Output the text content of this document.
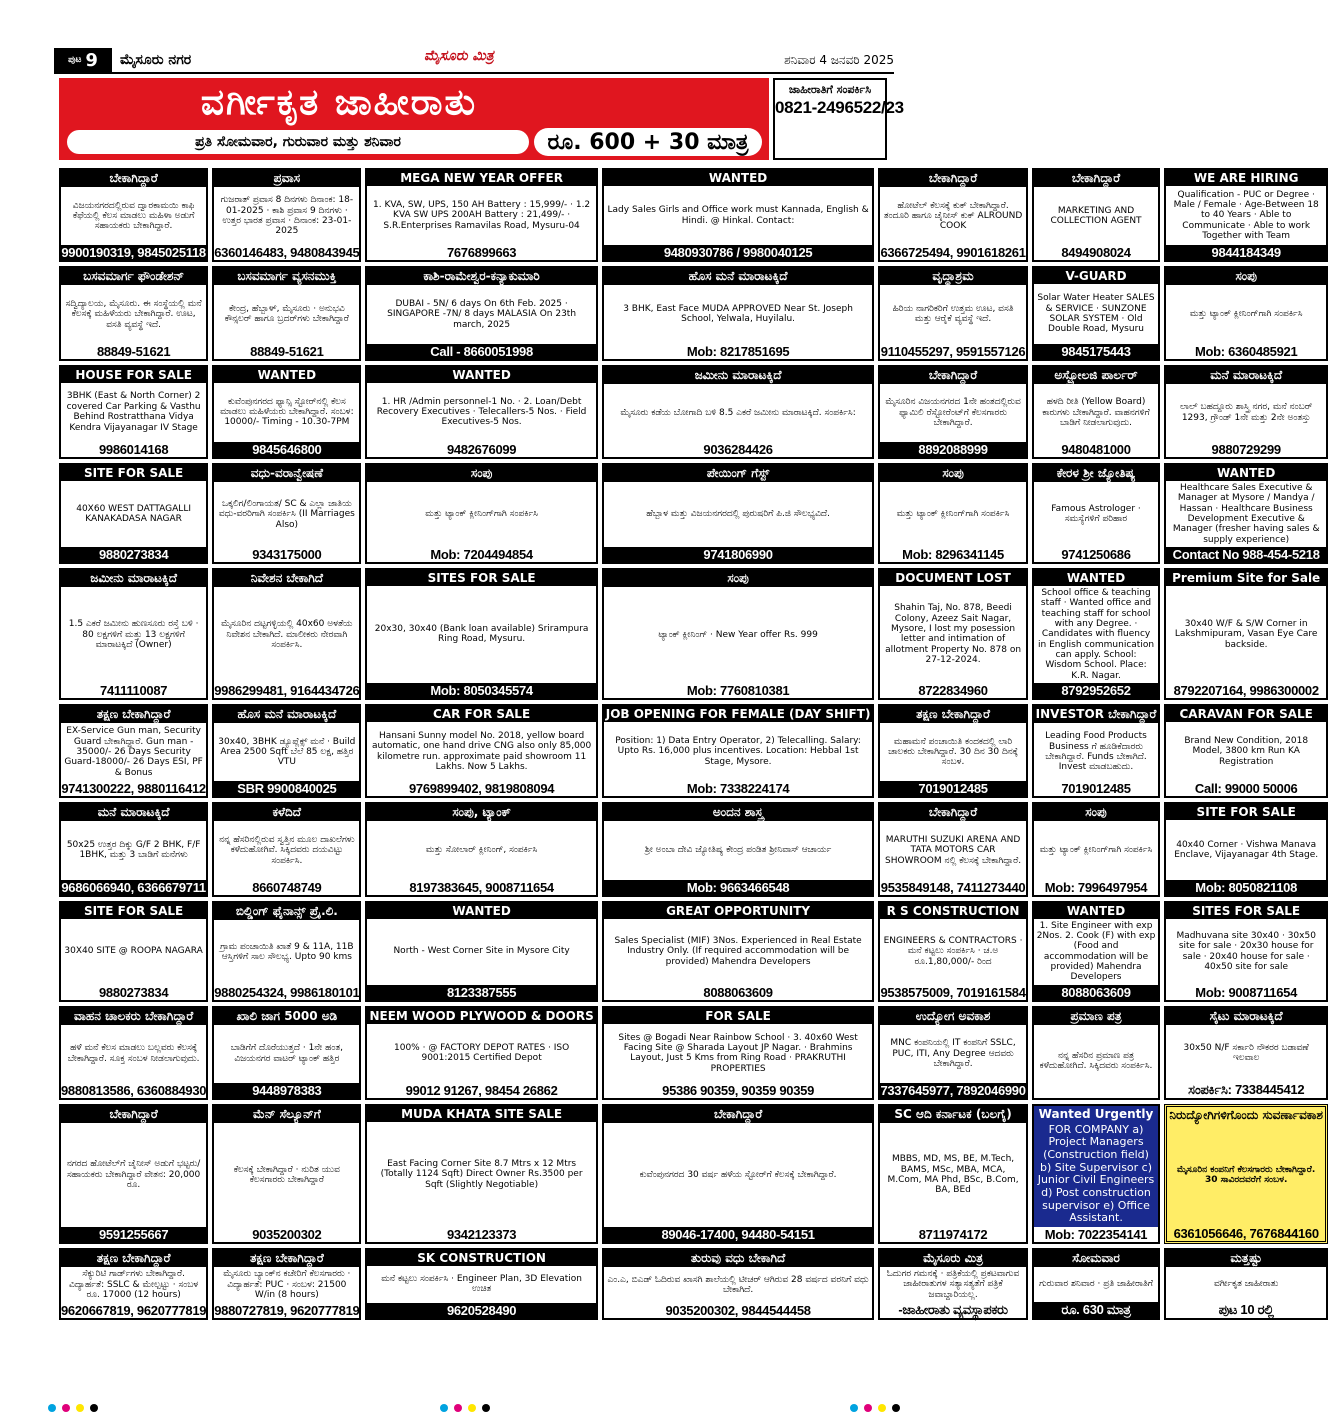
ಪುಟ 9 ಮೈಸೂರು ನಗರ	ಮೈಸೂರು ಮಿತ್ರ	ಶನಿವಾರ 4 ಜನವರಿ 2025
ವರ್ಗೀಕೃತ ಜಾಹೀರಾತು
ಪ್ರತಿ ಸೋಮವಾರ, ಗುರುವಾರ ಮತ್ತು ಶನಿವಾರ	ರೂ. 600 + 30 ಮಾತ್ರ
ಜಾಹೀರಾತಿಗೆ ಸಂಪರ್ಕಿಸಿ
0821-2496522/23
ಬೇಕಾಗಿದ್ದಾರೆ
ವಿಜಯನಗರದಲ್ಲಿರುವ ದ್ವಾರಕಾಮಯಿ ಕಾಫಿ ಕೆಫೆಯಲ್ಲಿ ಕೆಲಸ ಮಾಡಲು ಮಹಿಳಾ ಅಡುಗೆ ಸಹಾಯಕರು ಬೇಕಾಗಿದ್ದಾರೆ.
9900190319, 9845025118
ಪ್ರವಾಸ
ಗುಜರಾತ್ ಪ್ರವಾಸ 8 ದಿನಗಳು ದಿನಾಂಕ: 18-01-2025 · ಕಾಶಿ ಪ್ರವಾಸ 9 ದಿನಗಳು · ಉತ್ತರ ಭಾರತ ಪ್ರವಾಸ · ದಿನಾಂಕ: 23-01-2025
6360146483, 9480843945
MEGA NEW YEAR OFFER
1. KVA, SW, UPS, 150 AH Battery : 15,999/- · 1.2 KVA SW UPS 200AH Battery : 21,499/- · S.R.Enterprises Ramavilas Road, Mysuru-04
7676899663
WANTED
Lady Sales Girls and Office work must Kannada, English & Hindi. @ Hinkal. Contact:
9480930786 / 9980040125
ಬೇಕಾಗಿದ್ದಾರೆ
ಹೋಟೆಲ್ ಕೆಲಸಕ್ಕೆ ಕುಕ್ ಬೇಕಾಗಿದ್ದಾರೆ. ತಂದೂರಿ ಹಾಗೂ ಚೈನೀಸ್ ಕುಕ್ ALROUND COOK
6366725494, 9901618261
ಬೇಕಾಗಿದ್ದಾರೆ
MARKETING AND COLLECTION AGENT
8494908024
WE ARE HIRING
Qualification - PUC or Degree · Male / Female · Age-Between 18 to 40 Years · Able to Communicate · Able to work Together with Team
9844184349
ಬಸವಮಾರ್ಗ ಫೌಂಡೇಶನ್
ಸದ್ವಿದ್ಯಾಲಯ, ಮೈಸೂರು. ಈ ಸಂಸ್ಥೆಯಲ್ಲಿ ಮನೆ ಕೆಲಸಕ್ಕೆ ಮಹಿಳೆಯರು ಬೇಕಾಗಿದ್ದಾರೆ. ಊಟ, ವಸತಿ ವ್ಯವಸ್ಥೆ ಇದೆ.
88849-51621
ಬಸವಮಾರ್ಗ ವ್ಯಸನಮುಕ್ತಿ
ಕೇಂದ್ರ, ಹೆಬ್ಬಾಳ್, ಮೈಸೂರು · ಅನುಭವಿ ಕೌನ್ಸಲರ್ ಹಾಗೂ ಬ್ರದರ್‌ಗಳು ಬೇಕಾಗಿದ್ದಾರೆ
88849-51621
ಕಾಶಿ-ರಾಮೇಶ್ವರ-ಕನ್ಯಾಕುಮಾರಿ
DUBAI - 5N/ 6 days On 6th Feb. 2025 · SINGAPORE -7N/ 8 days MALASIA On 23th march, 2025
Call - 8660051998
ಹೊಸ ಮನೆ ಮಾರಾಟಕ್ಕಿದೆ
3 BHK, East Face MUDA APPROVED Near St. Joseph School, Yelwala, Huyilalu.
Mob: 8217851695
ವೃದ್ಧಾಶ್ರಮ
ಹಿರಿಯ ನಾಗರಿಕರಿಗೆ ಉತ್ತಮ ಊಟ, ವಸತಿ ಮತ್ತು ಆರೈಕೆ ವ್ಯವಸ್ಥೆ ಇದೆ.
9110455297, 9591557126
V-GUARD
Solar Water Heater SALES & SERVICE · SUNZONE SOLAR SYSTEM · Old Double Road, Mysuru
9845175443
ಸಂಪು
ಮತ್ತು ಟ್ಯಾಂಕ್ ಕ್ಲೀನಿಂಗ್‌ಗಾಗಿ ಸಂಪರ್ಕಿಸಿ
Mob: 6360485921
HOUSE FOR SALE
3BHK (East & North Corner) 2 covered Car Parking & Vasthu Behind Rostratthana Vidya Kendra Vijayanagar IV Stage
9986014168
WANTED
ಕುವೆಂಪುನಗರದ ಫ್ಯಾನ್ಸಿ ಸ್ಟೋರ್‌ನಲ್ಲಿ ಕೆಲಸ ಮಾಡಲು ಮಹಿಳೆಯರು ಬೇಕಾಗಿದ್ದಾರೆ. ಸಂಬಳ: 10000/- Timing - 10.30-7PM
9845646800
WANTED
1. HR /Admin personnel-1 No. · 2. Loan/Debt Recovery Executives · Telecallers-5 Nos. · Field Executives-5 Nos.
9482676099
ಜಮೀನು ಮಾರಾಟಕ್ಕಿದೆ
ಮೈಸೂರು ಕಡೆಯ ಬೋಗಾದಿ ಬಳಿ 8.5 ಎಕರೆ ಜಮೀನು ಮಾರಾಟಕ್ಕಿದೆ. ಸಂಪರ್ಕಿಸಿ:
9036284426
ಬೇಕಾಗಿದ್ದಾರೆ
ಮೈಸೂರಿನ ವಿಜಯನಗರದ 1ನೇ ಹಂತದಲ್ಲಿರುವ ಫ್ಯಾಮಿಲಿ ರೆಸ್ಟೋರೆಂಟ್‌ಗೆ ಕೆಲಸಗಾರರು ಬೇಕಾಗಿದ್ದಾರೆ.
8892088999
ಅಸ್ಟ್ರೋಲಜಿ ಪಾರ್ಲರ್
ಹಳದಿ ರೀತಿ (Yellow Board) ಕಾರುಗಳು ಬೇಕಾಗಿದ್ದಾರೆ. ವಾಹನಗಳಿಗೆ ಬಾಡಿಗೆ ನೀಡಲಾಗುವುದು.
9480481000
ಮನೆ ಮಾರಾಟಕ್ಕಿದೆ
ಲಾಲ್ ಬಹದ್ದೂರು ಶಾಸ್ತ್ರಿ ನಗರ, ಮನೆ ನಂಬರ್ 1293, ಗ್ರೌಂಡ್ 1ನೇ ಮತ್ತು 2ನೇ ಅಂತಸ್ತು
9880729299
SITE FOR SALE
40X60 WEST DATTAGALLI KANAKADASA NAGAR
9880273834
ವಧು-ವರಾನ್ವೇಷಣೆ
ಒಕ್ಕಲಿಗ/ಲಿಂಗಾಯತ/ SC & ಎಲ್ಲಾ ಜಾತಿಯ ವಧು-ವರರಿಗಾಗಿ ಸಂಪರ್ಕಿಸಿ (II Marriages Also)
9343175000
ಸಂಪು
ಮತ್ತು ಟ್ಯಾಂಕ್ ಕ್ಲೀನಿಂಗ್‌ಗಾಗಿ ಸಂಪರ್ಕಿಸಿ
Mob: 7204494854
ಪೇಯಿಂಗ್ ಗೆಸ್ಟ್
ಹೆಬ್ಬಾಳ ಮತ್ತು ವಿಜಯನಗರದಲ್ಲಿ ಪುರುಷರಿಗೆ ಪಿ.ಜಿ ಸೌಲಭ್ಯವಿದೆ.
9741806990
ಸಂಪು
ಮತ್ತು ಟ್ಯಾಂಕ್ ಕ್ಲೀನಿಂಗ್‌ಗಾಗಿ ಸಂಪರ್ಕಿಸಿ
Mob: 8296341145
ಕೇರಳ ಶ್ರೀ ಜ್ಯೋತಿಷ್ಯ
Famous Astrologer · ಸಮಸ್ಯೆಗಳಿಗೆ ಪರಿಹಾರ
9741250686
WANTED
Healthcare Sales Executive & Manager at Mysore / Mandya / Hassan · Healthcare Business Development Executive & Manager (fresher having sales & supply experience)
Contact No 988-454-5218
ಜಮೀನು ಮಾರಾಟಕ್ಕಿದೆ
1.5 ಎಕರೆ ಜಮೀನು ಹುಣಸೂರು ರಸ್ತೆ ಬಳಿ · 80 ಲಕ್ಷಗಳಿಗೆ ಮತ್ತು 13 ಲಕ್ಷಗಳಿಗೆ ಮಾರಾಟಕ್ಕಿದೆ (Owner)
7411110087
ನಿವೇಶನ ಬೇಕಾಗಿದೆ
ಮೈಸೂರಿನ ದಟ್ಟಗಳ್ಳಿಯಲ್ಲಿ 40x60 ಅಳತೆಯ ನಿವೇಶನ ಬೇಕಾಗಿದೆ. ಮಾಲೀಕರು ನೇರವಾಗಿ ಸಂಪರ್ಕಿಸಿ.
9986299481, 9164434726
SITES FOR SALE
20x30, 30x40 (Bank loan available) Srirampura Ring Road, Mysuru.
Mob: 8050345574
ಸಂಪು
ಟ್ಯಾಂಕ್ ಕ್ಲೀನಿಂಗ್ · New Year offer Rs. 999
Mob: 7760810381
DOCUMENT LOST
Shahin Taj, No. 878, Beedi Colony, Azeez Sait Nagar, Mysore, I lost my posession letter and intimation of allotment Property No. 878 on 27-12-2024.
8722834960
WANTED
School office & teaching staff · Wanted office and teaching staff for school with any Degree. · Candidates with fluency in English communication can apply. School: Wisdom School. Place: K.R. Nagar.
8792952652
Premium Site for Sale
30x40 W/F & S/W Corner in Lakshmipuram, Vasan Eye Care backside.
8792207164, 9986300002
ತಕ್ಷಣ ಬೇಕಾಗಿದ್ದಾರೆ
EX-Service Gun man, Security Guard ಬೇಕಾಗಿದ್ದಾರೆ. Gun man - 35000/- 26 Days Security Guard-18000/- 26 Days ESI, PF & Bonus
9741300222, 9880116412
ಹೊಸ ಮನೆ ಮಾರಾಟಕ್ಕಿದೆ
30x40, 3BHK ಡ್ಯೂಪ್ಲೆಕ್ಸ್ ಮನೆ · Build Area 2500 Sqft ಬೆಲೆ 85 ಲಕ್ಷ, ಹತ್ತಿರ VTU
SBR 9900840025
CAR FOR SALE
Hansani Sunny model No. 2018, yellow board automatic, one hand drive CNG also only 85,000 kilometre run. approximate paid showroom 11 Lakhs. Now 5 Lakhs.
9769899402, 9819808094
JOB OPENING FOR FEMALE (DAY SHIFT)
Position: 1) Data Entry Operator, 2) Telecalling. Salary: Upto Rs. 16,000 plus incentives. Location: Hebbal 1st Stage, Mysore.
Mob: 7338224174
ತಕ್ಷಣ ಬೇಕಾಗಿದ್ದಾರೆ
ಮಹಾಮನೆ ಪಂಚಾಯಿತಿ ಕಂದಕದಲ್ಲಿ ಲಾರಿ ಚಾಲಕರು ಬೇಕಾಗಿದ್ದಾರೆ. 30 ದಿನ 30 ದಿನಕ್ಕೆ ಸಂಬಳ.
7019012485
INVESTOR ಬೇಕಾಗಿದ್ದಾರೆ
Leading Food Products Business ಗೆ ಹೂಡಿಕೆದಾರರು ಬೇಕಾಗಿದ್ದಾರೆ. Funds ಬೇಕಾಗಿದೆ. Invest ಮಾಡಬಹುದು.
7019012485
CARAVAN FOR SALE
Brand New Condition, 2018 Model, 3800 km Run KA Registration
Call: 99000 50006
ಮನೆ ಮಾರಾಟಕ್ಕಿದೆ
50x25 ಉತ್ತರ ದಿಕ್ಕು G/F 2 BHK, F/F 1BHK, ಮತ್ತು 3 ಬಾಡಿಗೆ ಮನೆಗಳು
9686066940, 6366679711
ಕಳೆದಿದೆ
ನನ್ನ ಹೆಸರಿನಲ್ಲಿರುವ ಸ್ವತ್ತಿನ ಮೂಲ ದಾಖಲೆಗಳು ಕಳೆದುಹೋಗಿವೆ. ಸಿಕ್ಕಿದವರು ದಯವಿಟ್ಟು ಸಂಪರ್ಕಿಸಿ.
8660748749
ಸಂಪು, ಟ್ಯಾಂಕ್
ಮತ್ತು ಸೋಲಾರ್ ಕ್ಲೀನಿಂಗ್, ಸಂಪರ್ಕಿಸಿ
8197383645, 9008711654
ಅಂದನ ಶಾಸ್ತ್ರ
ಶ್ರೀ ಅಂಬಾ ದೇವಿ ಜ್ಯೋತಿಷ್ಯ ಕೇಂದ್ರ ಪಂಡಿತ ಶ್ರೀನಿವಾಸ್ ಆಚಾರ್ಯ
Mob: 9663466548
ಬೇಕಾಗಿದ್ದಾರೆ
MARUTHI SUZUKI ARENA AND TATA MOTORS CAR SHOWROOM ನಲ್ಲಿ ಕೆಲಸಕ್ಕೆ ಬೇಕಾಗಿದ್ದಾರೆ.
9535849148, 7411273440
ಸಂಪು
ಮತ್ತು ಟ್ಯಾಂಕ್ ಕ್ಲೀನಿಂಗ್‌ಗಾಗಿ ಸಂಪರ್ಕಿಸಿ
Mob: 7996497954
SITE FOR SALE
40x40 Corner · Vishwa Manava Enclave, Vijayanagar 4th Stage.
Mob: 8050821108
SITE FOR SALE
30X40 SITE @ ROOPA NAGARA
9880273834
ಬಿಲ್ಡಿಂಗ್ ಫೈನಾನ್ಸ್ ಪ್ರೈ.ಲಿ.
ಗ್ರಾಮ ಪಂಚಾಯಿತಿ ಖಾತೆ 9 & 11A, 11B ಆಸ್ತಿಗಳಿಗೆ ಸಾಲ ಸೌಲಭ್ಯ. Upto 90 kms
9880254324, 9986180101
WANTED
North - West Corner Site in Mysore City
8123387555
GREAT OPPORTUNITY
Sales Specialist (MIF) 3Nos. Experienced in Real Estate Industry Only. (If required accommodation will be provided) Mahendra Developers
8088063609
R S CONSTRUCTION
ENGINEERS & CONTRACTORS · ಮನೆ ಕಟ್ಟಲು ಸಂಪರ್ಕಿಸಿ · ಚ.ಅ ರೂ.1,80,000/- ರಿಂದ
9538575009, 7019161584
WANTED
1. Site Engineer with exp 2Nos. 2. Cook (F) with exp (Food and accommodation will be provided) Mahendra Developers
8088063609
SITES FOR SALE
Madhuvana site 30x40 · 30x50 site for sale · 20x30 house for sale · 20x40 house for sale · 40x50 site for sale
Mob: 9008711654
ವಾಹನ ಚಾಲಕರು ಬೇಕಾಗಿದ್ದಾರೆ
ಹಳೆ ಮನೆ ಕೆಲಸ ಮಾಡಲು ಬಲ್ಲವರು ಕೆಲಸಕ್ಕೆ ಬೇಕಾಗಿದ್ದಾರೆ. ಸೂಕ್ತ ಸಂಬಳ ನೀಡಲಾಗುವುದು.
9880813586, 6360884930
ಖಾಲಿ ಜಾಗ 5000 ಅಡಿ
ಬಾಡಿಗೆಗೆ ದೊರೆಯುತ್ತದೆ · 1ನೇ ಹಂತ, ವಿಜಯನಗರ ವಾಟರ್ ಟ್ಯಾಂಕ್ ಹತ್ತಿರ
9448978383
NEEM WOOD PLYWOOD & DOORS
100% · @ FACTORY DEPOT RATES · ISO 9001:2015 Certified Depot
99012 91267, 98454 26862
FOR SALE
Sites @ Bogadi Near Rainbow School · 3. 40x60 West Facing Site @ Sharada Layout JP Nagar. · Brahmins Layout, Just 5 Kms from Ring Road · PRAKRUTHI PROPERTIES
95386 90359, 90359 90359
ಉದ್ಯೋಗ ಅವಕಾಶ
MNC ಕಂಪನಿಯಲ್ಲಿ IT ಕಂಪನಿಗೆ SSLC, PUC, ITI, Any Degree ಆದವರು ಬೇಕಾಗಿದ್ದಾರೆ.
7337645977, 7892046990
ಪ್ರಮಾಣ ಪತ್ರ
ನನ್ನ ಹೆಸರಿನ ಪ್ರಮಾಣ ಪತ್ರ ಕಳೆದುಹೋಗಿದೆ. ಸಿಕ್ಕಿದವರು ಸಂಪರ್ಕಿಸಿ.
ಸೈಟು ಮಾರಾಟಕ್ಕಿದೆ
30x50 N/F ಸರ್ಕಾರಿ ನೌಕರರ ಬಡಾವಣೆ ಇಲವಾಲ
ಸಂಪರ್ಕಿಸಿ: 7338445412
ಬೇಕಾಗಿದ್ದಾರೆ
ನಗರದ ಹೋಟೆಲ್‌ಗೆ ಚೈನೀಸ್ ಅಡುಗೆ ಭಟ್ಟರು/ ಸಹಾಯಕರು ಬೇಕಾಗಿದ್ದಾರೆ ವೇತನ: 20,000 ರೂ.
9591255667
ಮೆನ್ ಸೆಲ್ಯೂನ್‌ಗೆ
ಕೆಲಸಕ್ಕೆ ಬೇಕಾಗಿದ್ದಾರೆ · ನುರಿತ ಯುವ ಕೆಲಸಗಾರರು ಬೇಕಾಗಿದ್ದಾರೆ
9035200302
MUDA KHATA SITE SALE
East Facing Corner Site 8.7 Mtrs x 12 Mtrs (Totally 1124 Sqft) Direct Owner Rs.3500 per Sqft (Slightly Negotiable)
9342123373
ಬೇಕಾಗಿದ್ದಾರೆ
ಕುವೆಂಪುನಗರದ 30 ವರ್ಷ ಹಳೆಯ ಸ್ಟೋರ್‌ಗೆ ಕೆಲಸಕ್ಕೆ ಬೇಕಾಗಿದ್ದಾರೆ.
89046-17400, 94480-54151
SC ಆದಿ ಕರ್ನಾಟಕ (ಬಲಗೈ)
MBBS, MD, MS, BE, M.Tech, BAMS, MSc, MBA, MCA, M.Com, MA Phd, BSc, B.Com, BA, BEd
8711974172
Wanted Urgently
FOR COMPANY a) Project Managers (Construction field) b) Site Supervisor c) Junior Civil Engineers d) Post construction supervisor e) Office Assistant.
Mob: 7022354141
ನಿರುದ್ಯೋಗಿಗಳಿಗೊಂದು ಸುವರ್ಣಾವಕಾಶ
ಮೈಸೂರಿನ ಕಂಪನಿಗೆ ಕೆಲಸಗಾರರು ಬೇಕಾಗಿದ್ದಾರೆ. 30 ಸಾವಿರದವರೆಗೆ ಸಂಬಳ.
6361056646, 7676844160
ತಕ್ಷಣ ಬೇಕಾಗಿದ್ದಾರೆ
ಸೆಕ್ಯುರಿಟಿ ಗಾರ್ಡ್‌ಗಳು ಬೇಕಾಗಿದ್ದಾರೆ. ವಿದ್ಯಾರ್ಹತೆ: SSLC & ಮೇಲ್ಪಟ್ಟು · ಸಂಬಳ ರೂ. 17000 (12 hours)
9620667819, 9620777819
ತಕ್ಷಣ ಬೇಕಾಗಿದ್ದಾರೆ
ಮೈಸೂರು ಬ್ಯಾಂಕ್‌ನ ಕಚೇರಿಗೆ ಕೆಲಸಗಾರರು · ವಿದ್ಯಾರ್ಹತೆ: PUC · ಸಂಬಳ: 21500 W/in (8 hours)
9880727819, 9620777819
SK CONSTRUCTION
ಮನೆ ಕಟ್ಟಲು ಸಂಪರ್ಕಿಸಿ · Engineer Plan, 3D Elevation ಉಚಿತ
9620528490
ತುರುವು ವಧು ಬೇಕಾಗಿದೆ
ಎಂ.ಎ, ಬಿಎಡ್ ಓದಿರುವ ಖಾಸಗಿ ಶಾಲೆಯಲ್ಲಿ ಟೀಚರ್ ಆಗಿರುವ 28 ವರ್ಷದ ವರನಿಗೆ ವಧು ಬೇಕಾಗಿದೆ.
9035200302, 9844544458
ಮೈಸೂರು ಮಿತ್ರ
ಓದುಗರ ಗಮನಕ್ಕೆ · ಪತ್ರಿಕೆಯಲ್ಲಿ ಪ್ರಕಟವಾಗುವ ಜಾಹೀರಾತುಗಳ ಸತ್ಯಾಸತ್ಯತೆಗೆ ಪತ್ರಿಕೆ ಜವಾಬ್ದಾರಿಯಲ್ಲ.
-ಜಾಹೀರಾತು ವ್ಯವಸ್ಥಾಪಕರು
ಸೋಮವಾರ
ಗುರುವಾರ ಶನಿವಾರ · ಪ್ರತಿ ಜಾಹೀರಾತಿಗೆ
ರೂ. 630 ಮಾತ್ರ
ಮತ್ತಷ್ಟು
ವರ್ಗೀಕೃತ ಜಾಹೀರಾತು
ಪುಟ 10 ರಲ್ಲಿ
